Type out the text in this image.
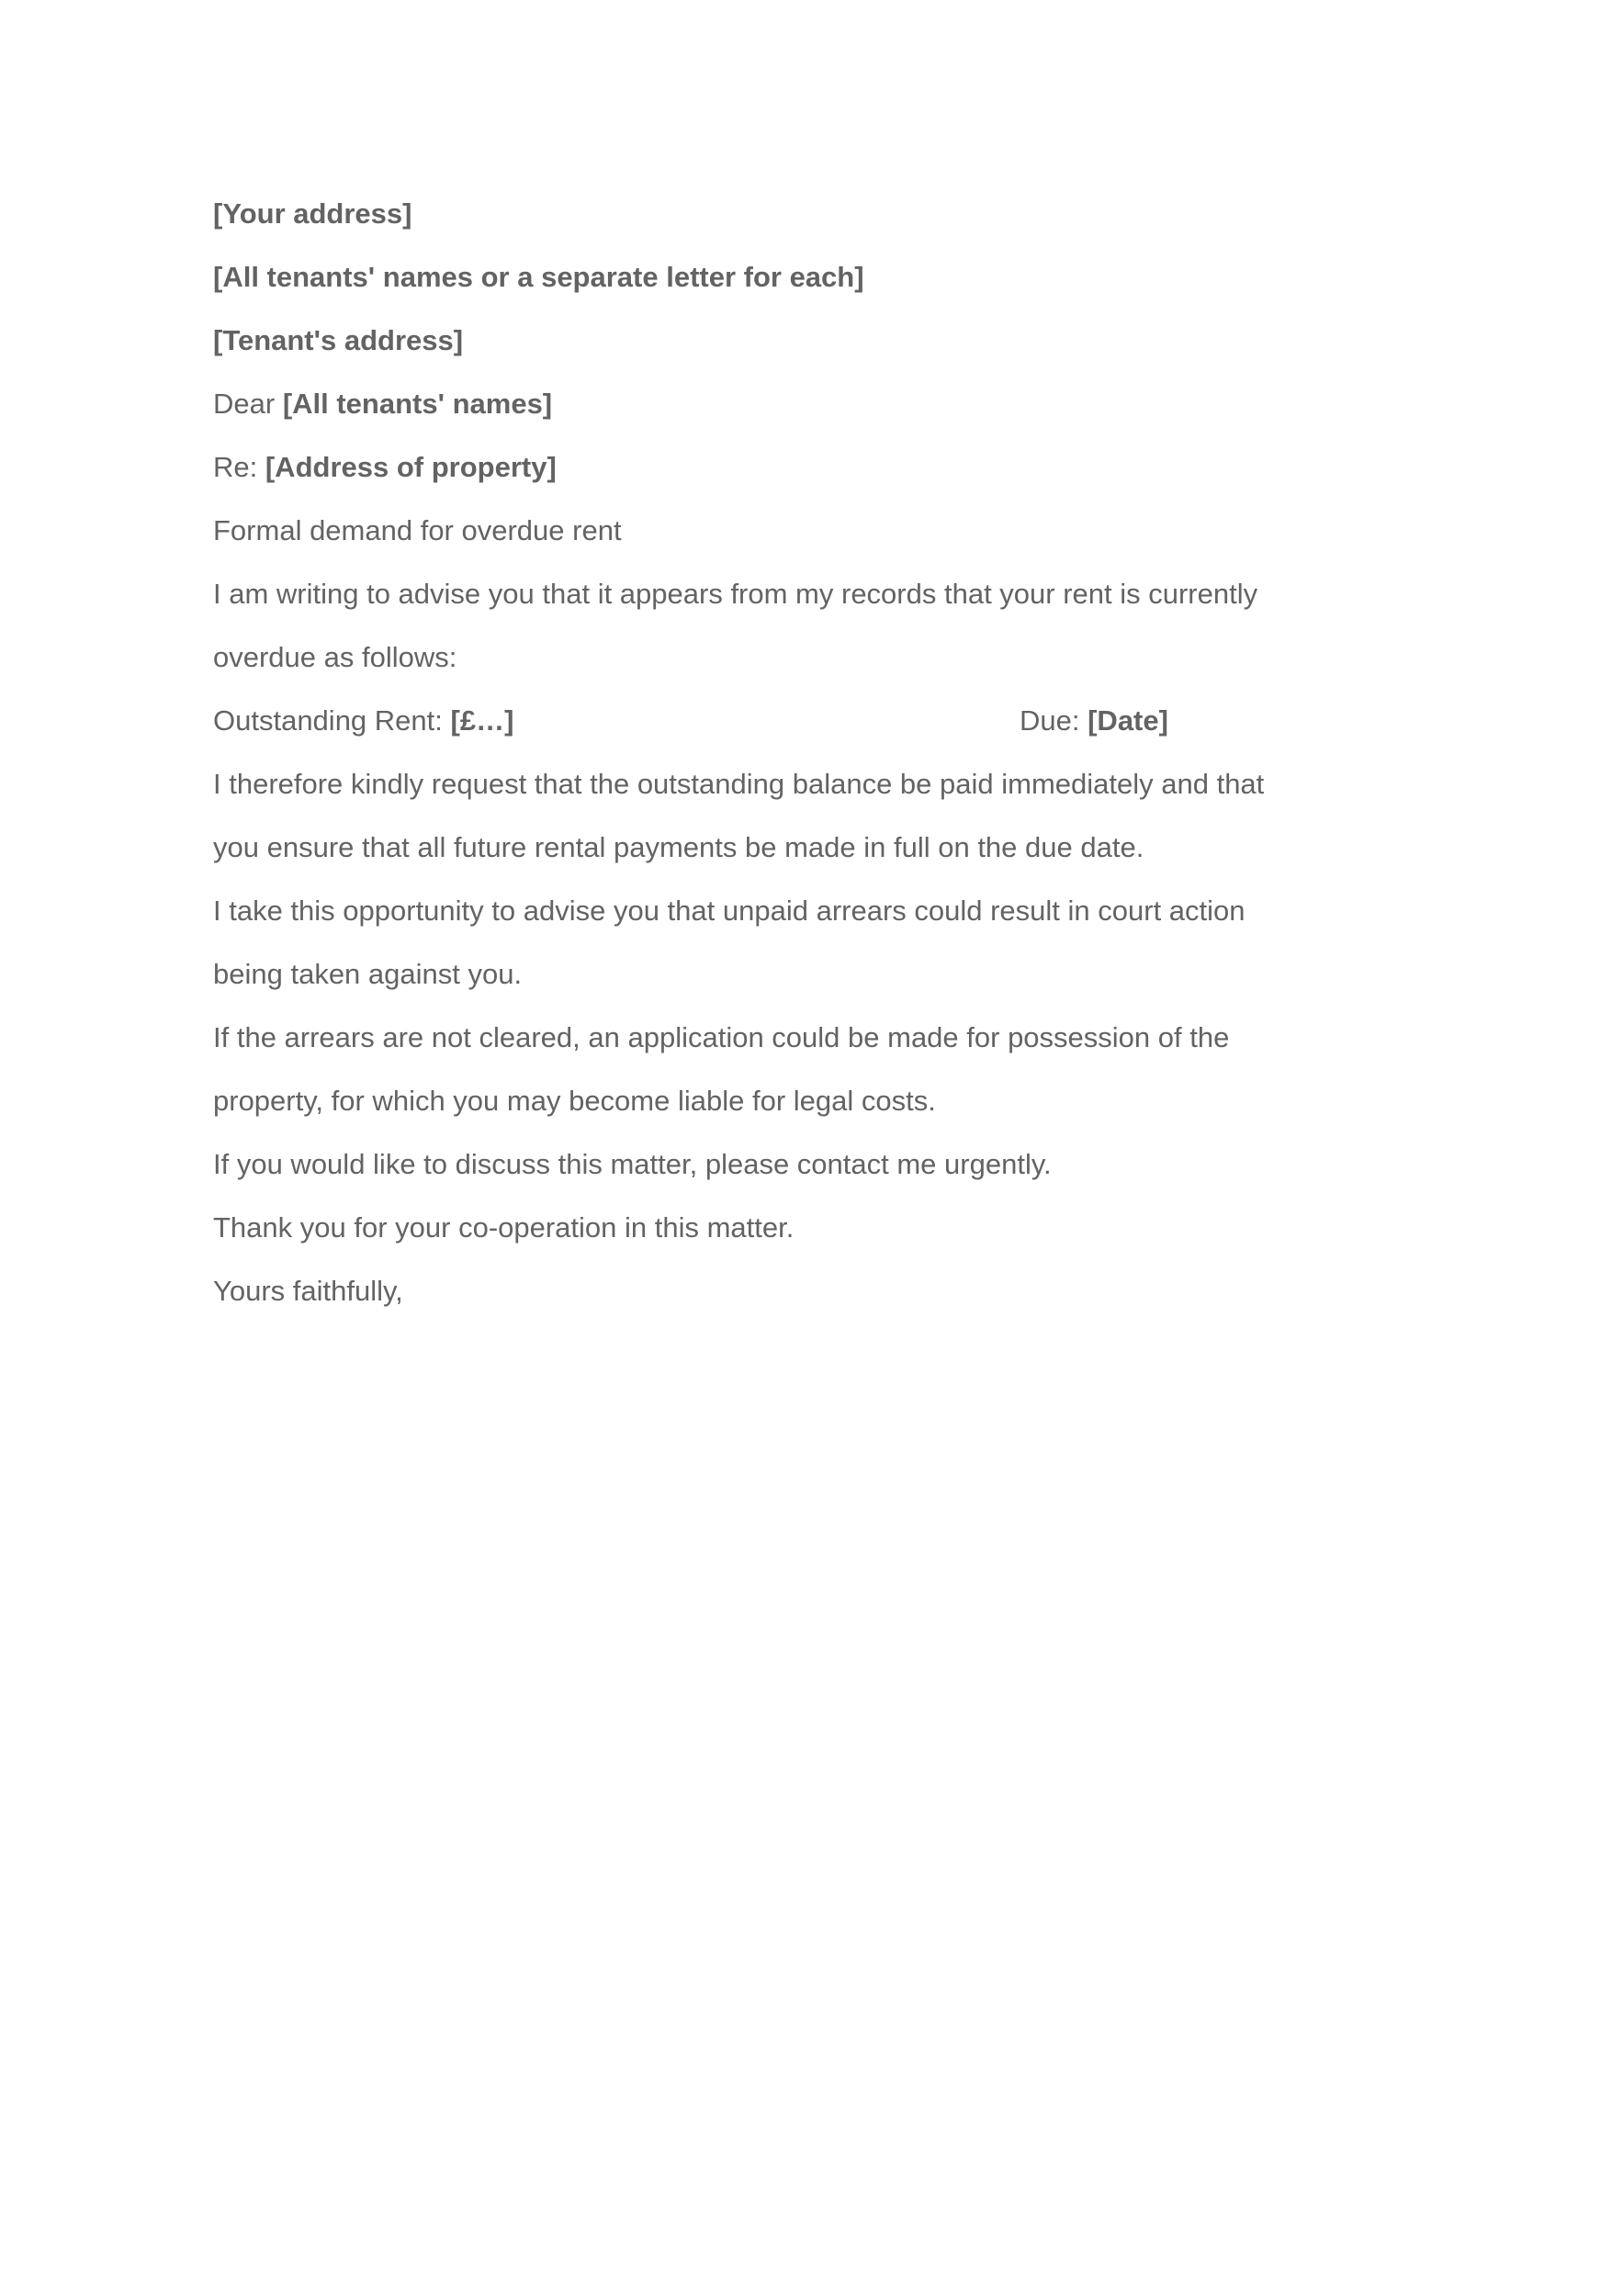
[Your address]
[All tenants' names or a separate letter for each]
[Tenant's address]
Dear [All tenants' names]
Re: [Address of property]
Formal demand for overdue rent
I am writing to advise you that it appears from my records that your rent is currently
overdue as follows:
Outstanding Rent: [£…]	Due: [Date]
I therefore kindly request that the outstanding balance be paid immediately and that
you ensure that all future rental payments be made in full on the due date.
I take this opportunity to advise you that unpaid arrears could result in court action
being taken against you.
If the arrears are not cleared, an application could be made for possession of the
property, for which you may become liable for legal costs.
If you would like to discuss this matter, please contact me urgently.
Thank you for your co-operation in this matter.
Yours faithfully,
